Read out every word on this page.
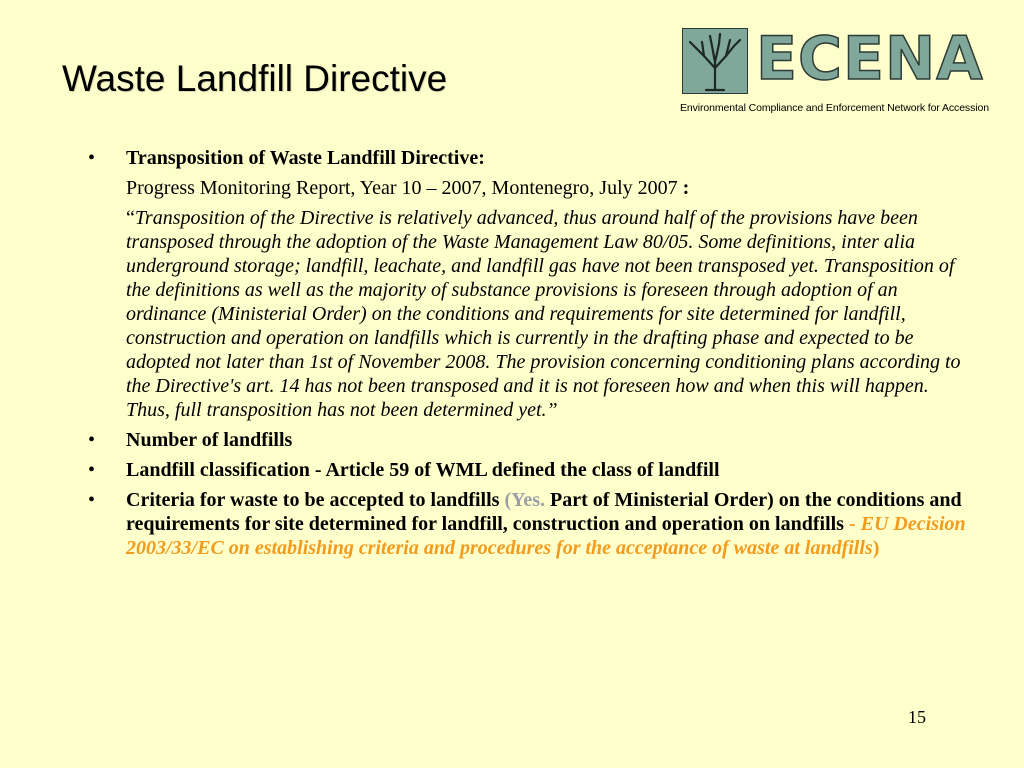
Waste Landfill Directive	ECENA
Environmental Compliance and Enforcement Network for Accession
•	Transposition of Waste Landfill Directive:
Progress Monitoring Report, Year 10 – 2007, Montenegro, July 2007 :
“Transposition of the Directive is relatively advanced, thus around half of the provisions have been transposed through the adoption of the Waste Management Law 80/05. Some definitions, inter alia underground storage; landfill, leachate, and landfill gas have not been transposed yet. Transposition of the definitions as well as the majority of substance provisions is foreseen through adoption of an ordinance (Ministerial Order) on the conditions and requirements for site determined for landfill, construction and operation on landfills which is currently in the drafting phase and expected to be adopted not later than 1st of November 2008. The provision concerning conditioning plans according to the Directive's art. 14 has not been transposed and it is not foreseen how and when this will happen. Thus, full transposition has not been determined yet.”
•	Number of landfills
•	Landfill classification - Article 59 of WML defined the class of landfill
•	Criteria for waste to be accepted to landfills (Yes. Part of Ministerial Order) on the conditions and requirements for site determined for landfill, construction and operation on landfills - EU Decision 2003/33/EC on establishing criteria and procedures for the acceptance of waste at landfills)
15
